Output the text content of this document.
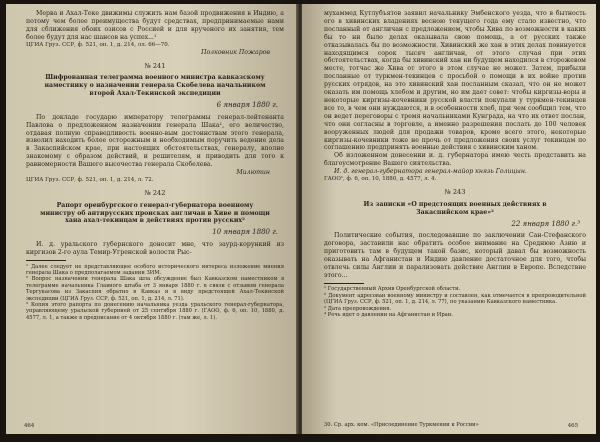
Мерва и Ахал-Теке движимы служить нам базой продвижения в Индию, а потому чем более преимущества будут средствах, предпринимаемые нами для сближения обоих озисов с Россией и для врученого их занятия, тем более будут для нас шансов на успех...¹

ЦГИА Груз. ССР, ф. 521, оп. 1, д. 214, лл. 66—70.

Полковник Пожаров

№ 241
Шифрованная телеграмма военного министра кавказскому наместнику о назначении генерала Скобелева начальником второй Ахал-Текинской экспедиции
6 января 1880 г.

По докладе государю императору телеграммы генерал-лейтенанта Павлова о предложенном назначении генерала Шака¹, его величество, отдавая полную справедливость военно-вым достоинствам этого генерала, изволил находить более осторожным и необходимым поручить ведение дела в Закаспийском крае, при настоящих обстоятельствах, генералу, вполне знакомому с образом действий, и решителям, и приводить для того к равномерности Вашего высочества генерала Скобелева.

Милютин

ЦГИА Груз. ССР, ф. 521, оп. 1, д. 214, л. 72.

№ 242
Рапорт оренбургского генерал-губернатора военному министру об антирусских происках англичан в Хиве и помощи хана ахал-текинцам в действиях против русских²
10 января 1880 г.

И. д. уральского губернского донесит мне, что заурд-корункий из киргизов 2-го аула Темир-Угренской волости Рыс-

¹ Далее следует не представляющее особого исторического интереса изложение мнения генерала Шака о предполагаемом задании ЗИМ.

² Вопрос назначении генерала Шака шла обсуждение был Кавказском наместником в телеграмме начальника Главного штаба от 3 января 1880 г. в связи с отзывом генерала Тергукасова из Закаспия обратно в Кавказ и в виду предстоящей Ахал-Текинской экспедиции (ЦГИА Груз. ССР, ф. 521, оп. 1, д. 214, л. 71).

³ Копия этого рапорта по донесению начальника уезда уральского генерал-губернатора, управляющему уральской губернией от 25 сентября 1880 г. (ГАОО, ф. 6, оп. 10, 1880, д. 4577, л. 1, а также в предписание от 4 октября 1880 г. (там же, л. 1).

464

мухаммед Кутлубъятов заявил начальнику Эмбенского уезда, что в бытность его в хивинских владениях весною текущего года ему стало известно, что посланный от англичан с предложением, чтобы Хива по возможности в каких бы то ни было делах оказывала свою помощь, а от русских также отказывалась бы по возможности. Хивинский же хан в этих делах повинуется находящимся сорок тысяч англичан, от этого случая при этих обстоятельствах, когда бы хивинский хан ни будущем находился в сторожевом месте, тотчас же Хива от этого в этом случае не может. Затем, прибыли посланные от туркмен-текинцев с просьбой о помощи в их войне против русских отрядов, на это хивинский хан посланным сказал, что он не может оказать им помощь хлебом и другим, но им дает совет: чтобы киргизы-воры и некоторые киргизы-кочевники русской власти покупали у туркмен-текинцев все то, в чем они нуждаются, и в особенности хлеб, при чем сообщил тем, что он ведет переговоры с тремя начальниками Кунграда, на что их ответ послан, что они согласны в торговле, а именно разрешения послать до 100 человек вооруженных людей для продажи товаров, кроме всего этого, некоторые киргизы-кочевники тоже не прочь от предложения своих услуг текинцам по соглашению предпринять военные действия с хивинским ханом.

Об изложенном донесении и. д. губернатора имею честь представить на благоусмотрение Вашего сиятельства.

И. д. генерал-губернатора генерал-майор князь Голицын.

ГАОО¹, ф. 6, оп. 10, 1880, д. 4577, л. 4.

№ 243
Из записки «О предстоящих военных действиях в Закаспийском крае»²
22 января 1880 г.³

Политические события, последовавшие по заключении Сан-Стефанского договора, заставили нас обратить особое внимание на Среднюю Азию и приготовить там в будущем такой базис, который давал бы возможность оказывать на Афганистан и Индию давление достаточное для того, чтобы отвлечь силы Англии и парализовать действие Англии в Европе. Вследствие этого...

¹ Государственный Архив Оренбургской области.

² Документ адресован военному министру и составлен, как отмечается в препроводительной (ЦГИА Груз. ССР, ф. 521, оп. 1, д. 214, л. 77), по указанию Кавказского наместника.

³ Дата препровождения.

⁴ Речь идет о давлении на Афганистан и Иран.

30. Ср. арх. ком. «Присоединение Туркмении к России»	465
